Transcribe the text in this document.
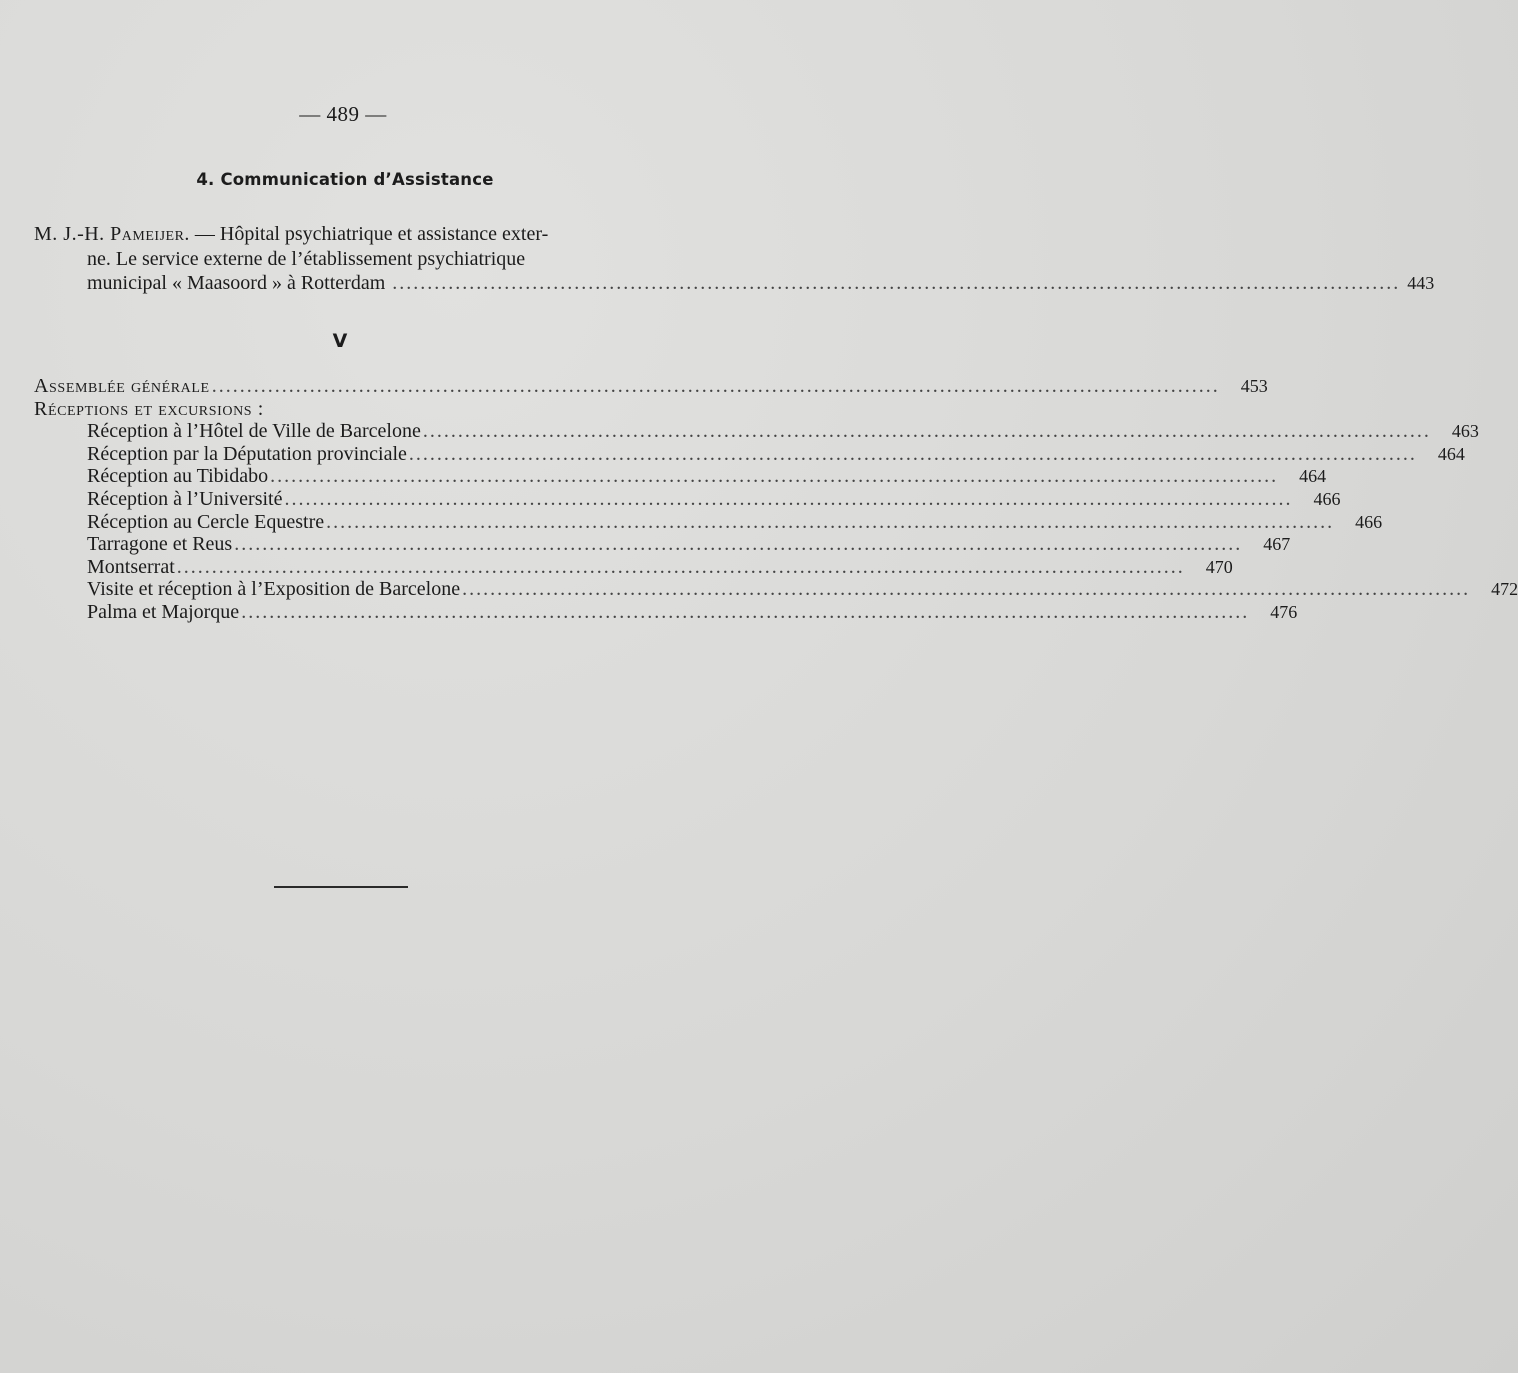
— 489 —
4. Communication d’Assistance
M. J.-H. Pameijer. — Hôpital psychiatrique et assistance exter-
ne. Le service externe de l’établissement psychiatrique
municipal « Maasoord » à Rotterdam .....	443
V
Assemblée générale .....	453
Réceptions et excursions :
Réception à l’Hôtel de Ville de Barcelone .....	463
Réception par la Députation provinciale .....	464
Réception au Tibidabo .....	464
Réception à l’Université .....	466
Réception au Cercle Equestre .....	466
Tarragone et Reus .....	467
Montserrat .....	470
Visite et réception à l’Exposition de Barcelone .....	472
Palma et Majorque .....	476
